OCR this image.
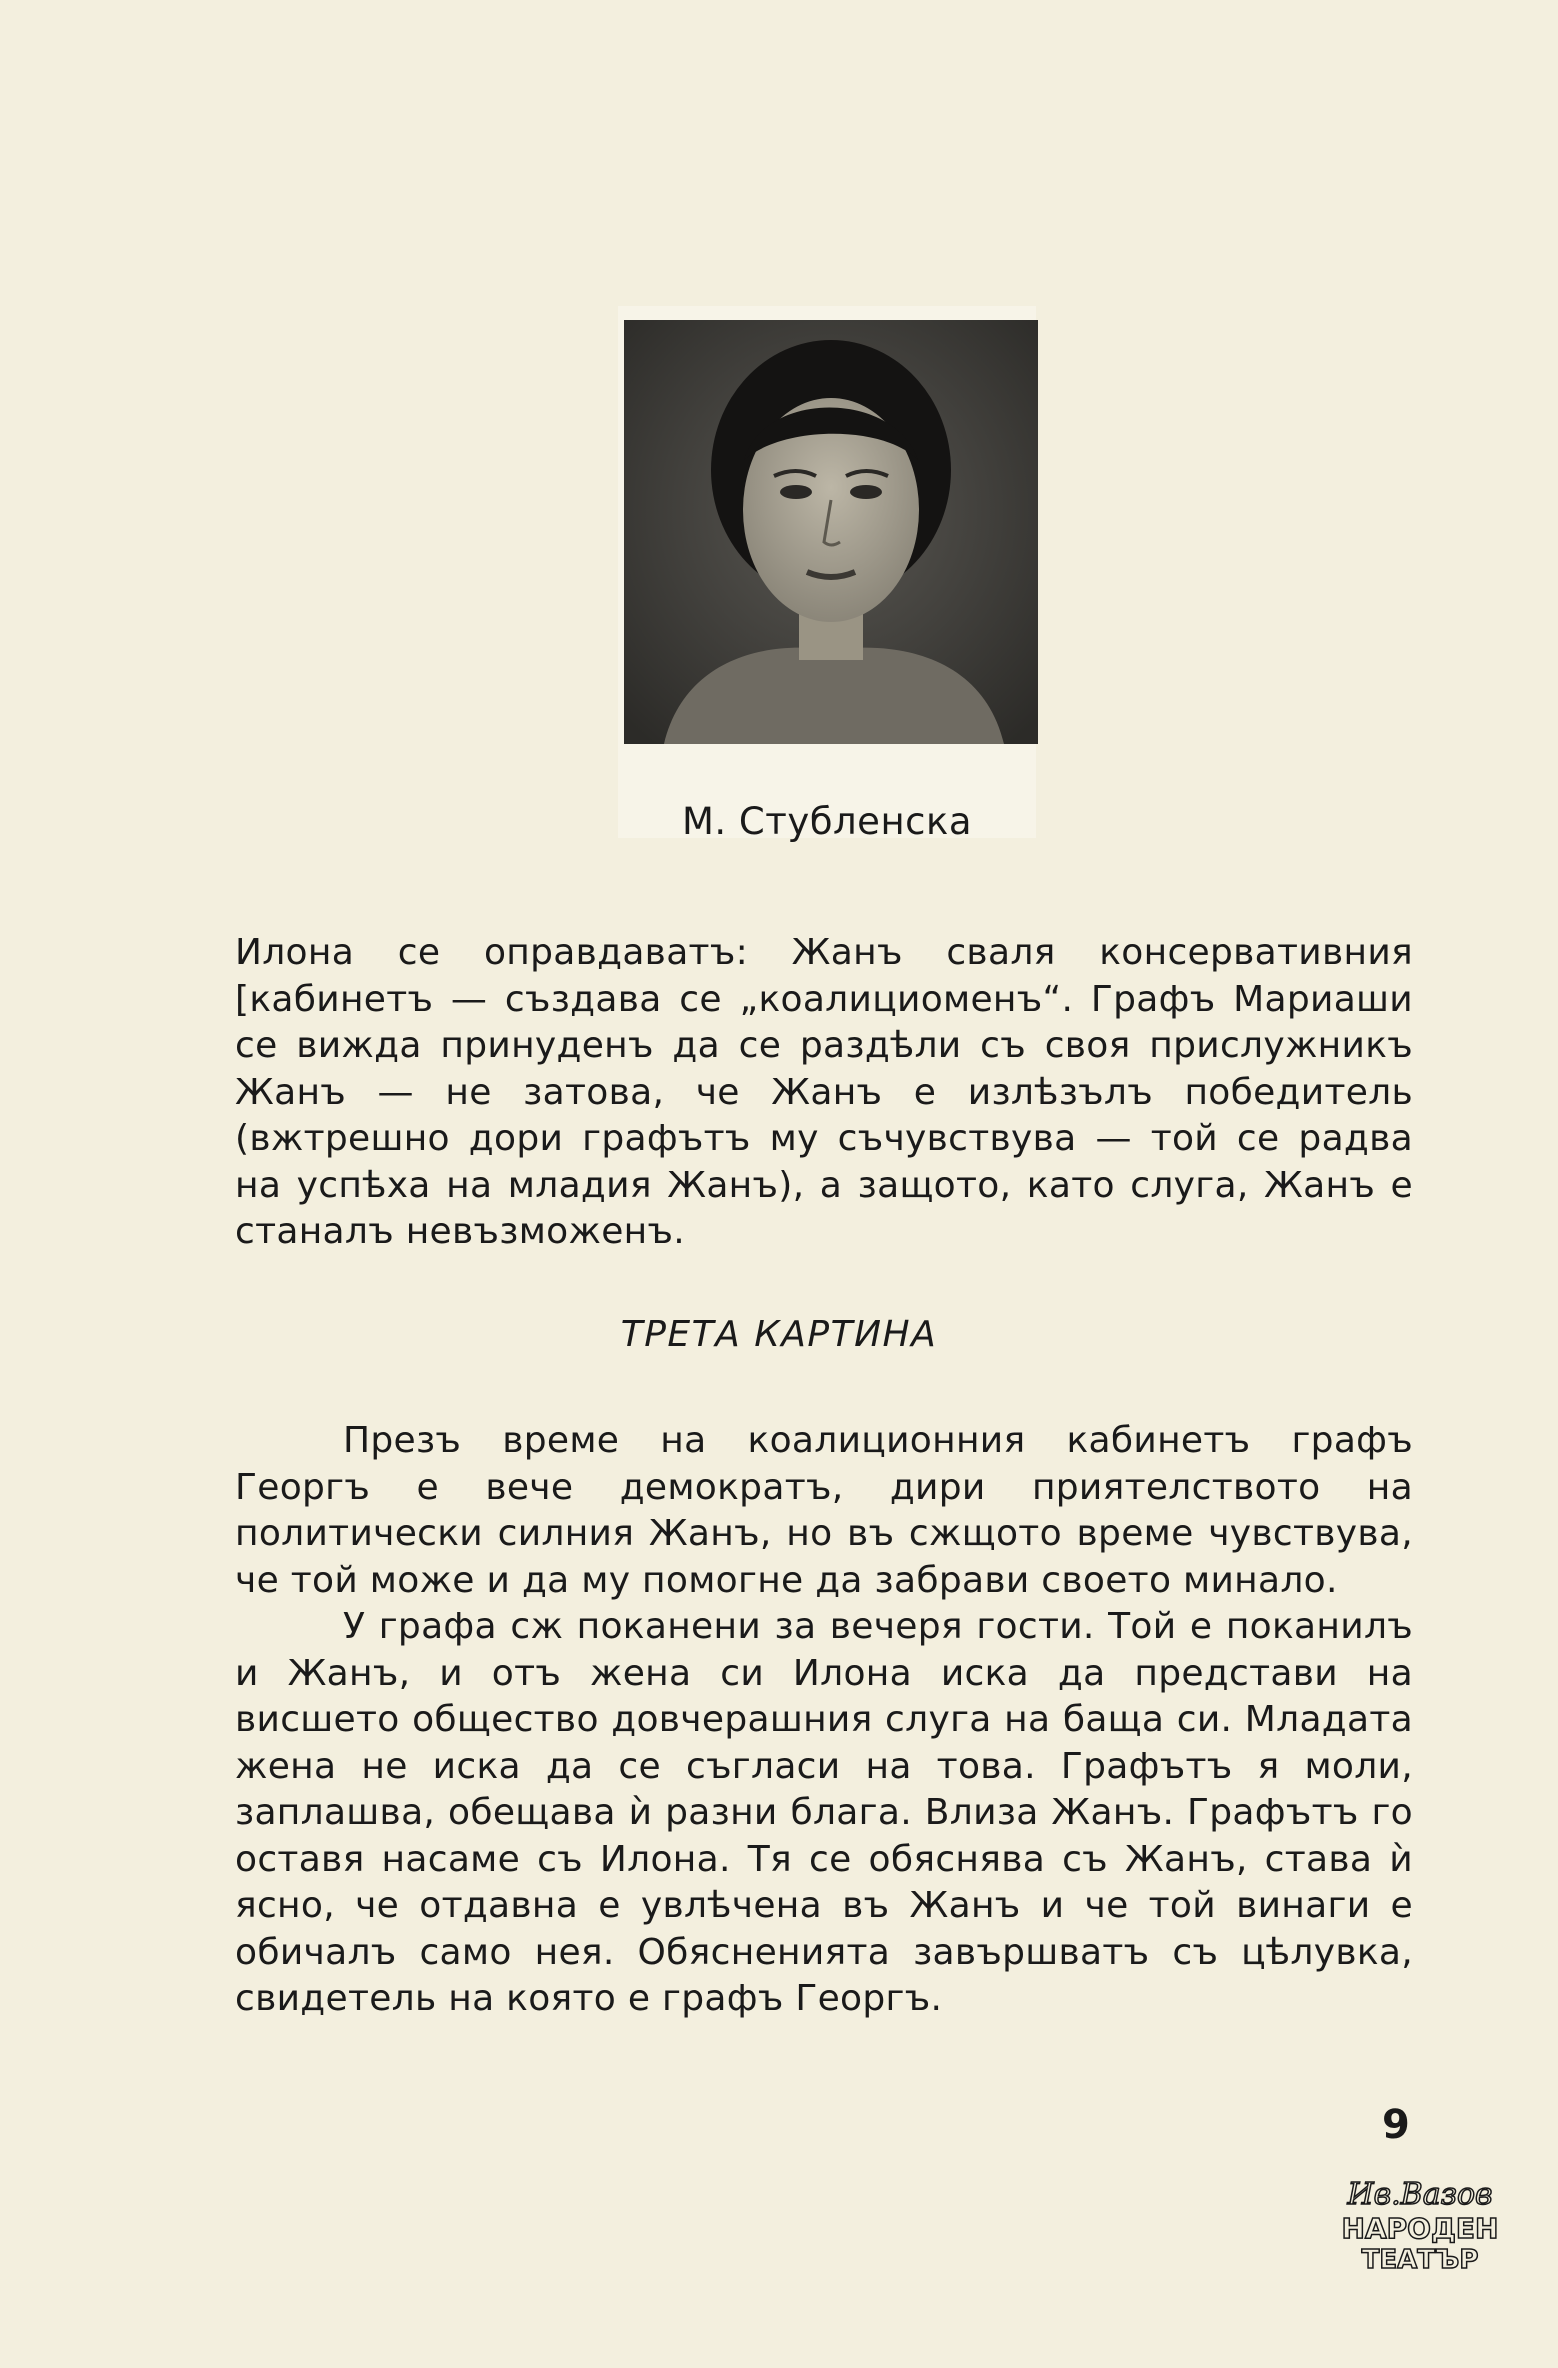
М. Стубленска

Илона се оправдаватъ: Жанъ сваля консервативния [кабинетъ — създава се „коалициоменъ“. Графъ Мариаши се вижда принуденъ да се раздѣли съ своя прислужникъ Жанъ — не затова, че Жанъ е излѣзълъ победитель (вжтрешно дори графътъ му съчувствува — той се радва на успѣха на младия Жанъ), а защото, като слуга, Жанъ е станалъ невъзможенъ.

ТРЕТА КАРТИНА

Презъ време на коалиционния кабинетъ графъ Георгъ е вече демократъ, дири приятелството на политически силния Жанъ, но въ сжщото време чувствува, че той може и да му помогне да забрави своето минало.

У графа сж поканени за вечеря гости. Той е поканилъ и Жанъ, и отъ жена си Илона иска да представи на висшето общество довчерашния слуга на баща си. Младата жена не иска да се съгласи на това. Графътъ я моли, заплашва, обещава ѝ разни блага. Влиза Жанъ. Графътъ го оставя насаме съ Илона. Тя се обяснява съ Жанъ, става ѝ ясно, че отдавна е увлѣчена въ Жанъ и че той винаги е обичалъ само нея. Обясненията завършватъ съ цѣлувка, свидетель на която е графъ Георгъ.

9
Ив.Вазов
НАРОДЕН
ТЕАТЪР
